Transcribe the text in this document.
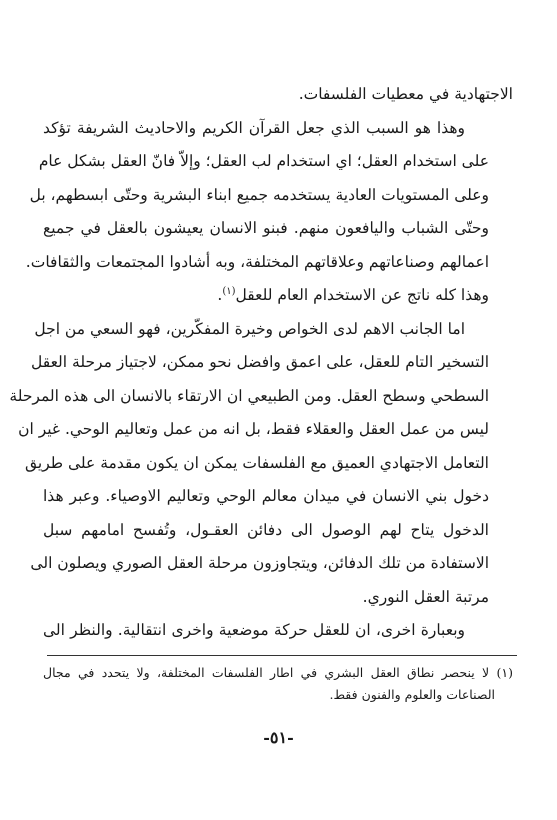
الاجتهادية في معطيات الفلسفات.
وهذا هو السبب الذي جعل القرآن الكريم والاحاديث الشريفة تؤكد
على استخدام العقل؛ اي استخدام لب العقل؛ وإلاّ فانّ العقل بشكل عام
وعلى المستويات العادية يستخدمه جميع ابناء البشرية وحتّى ابسطهم، بل
وحتّى الشباب واليافعون منهم. فبنو الانسان يعيشون بالعقل في جميع
اعمالهم وصناعاتهم وعلاقاتهم المختلفة، وبه أشادوا المجتمعات والثقافات.
وهذا كله ناتج عن الاستخدام العام للعقل$^{(١)}$.
اما الجانب الاهم لدى الخواص وخيرة المفكّرين، فهو السعي من اجل
التسخير التام للعقل، على اعمق وافضل نحو ممكن، لاجتياز مرحلة العقل
السطحي وسطح العقل. ومن الطبيعي ان الارتقاء بالانسان الى هذه المرحلة
ليس من عمل العقل والعقلاء فقط، بل انه من عمل وتعاليم الوحي. غير ان
التعامل الاجتهادي العميق مع الفلسفات يمكن ان يكون مقدمة على طريق
دخول بني الانسان في ميدان معالم الوحي وتعاليم الاوصياء. وعبر هذا
الدخول يتاح لهم الوصول الى دفائن العقـول، وتُفسح امامهم سبل
الاستفادة من تلك الدفائن، ويتجاوزون مرحلة العقل الصوري ويصلون الى
مرتبة العقل النوري.
وبعبارة اخرى، ان للعقل حركة موضعية واخرى انتقالية. والنظر الى
(١) لا ينحصر نطاق العقل البشري في اطار الفلسفات المختلفة، ولا يتحدد في مجال
الصناعات والعلوم والفنون فقط.
-٥١-
